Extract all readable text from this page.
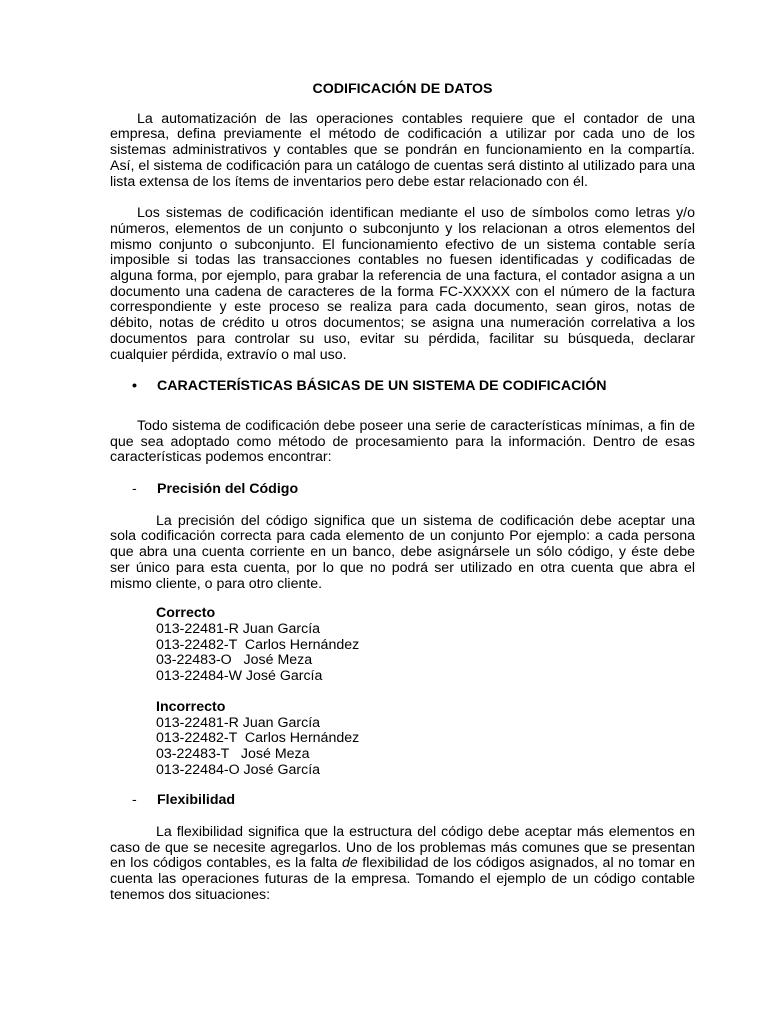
CODIFICACIÓN DE DATOS

La automatización de las operaciones contables requiere que el contador de una empresa, defina previamente el método de codificación a utilizar por cada uno de los sistemas administrativos y contables que se pondrán en funcionamiento en la compartía. Así, el sistema de codificación para un catálogo de cuentas será distinto al utilizado para una lista extensa de los ítems de inventarios pero debe estar relacionado con él.

Los sistemas de codificación identifican mediante el uso de símbolos como letras y/o números, elementos de un conjunto o subconjunto y los relacionan a otros elementos del mismo conjunto o subconjunto. El funcionamiento efectivo de un sistema contable sería imposible si todas las transacciones contables no fuesen identificadas y codificadas de alguna forma, por ejemplo, para grabar la referencia de una factura, el contador asigna a un documento una cadena de caracteres de la forma FC-XXXXX con el número de la factura correspondiente y este proceso se realiza para cada documento, sean giros, notas de débito, notas de crédito u otros documentos; se asigna una numeración correlativa a los documentos para controlar su uso, evitar su pérdida, facilitar su búsqueda, declarar cualquier pérdida, extravío o mal uso.

• CARACTERÍSTICAS BÁSICAS DE UN SISTEMA DE CODIFICACIÓN

Todo sistema de codificación debe poseer una serie de características mínimas, a fin de que sea adoptado como método de procesamiento para la información. Dentro de esas características podemos encontrar:

- Precisión del Código

La precisión del código significa que un sistema de codificación debe aceptar una sola codificación correcta para cada elemento de un conjunto Por ejemplo: a cada persona que abra una cuenta corriente en un banco, debe asignársele un sólo código, y éste debe ser único para esta cuenta, por lo que no podrá ser utilizado en otra cuenta que abra el mismo cliente, o para otro cliente.

Correcto
013-22481-R Juan García
013-22482-T  Carlos Hernández
03-22483-O   José Meza
013-22484-W José García
Incorrecto
013-22481-R Juan García
013-22482-T  Carlos Hernández
03-22483-T   José Meza
013-22484-O José García
- Flexibilidad

La flexibilidad significa que la estructura del código debe aceptar más elementos en caso de que se necesite agregarlos. Uno de los problemas más comunes que se presentan en los códigos contables, es la falta de flexibilidad de los códigos asignados, al no tomar en cuenta las operaciones futuras de la empresa. Tomando el ejemplo de un código contable tenemos dos situaciones:
